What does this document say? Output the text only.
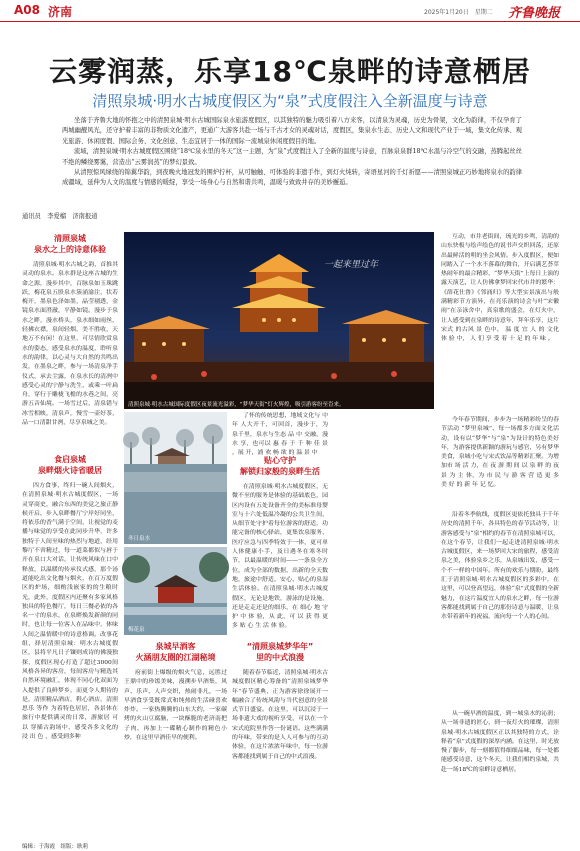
A08 济南	2025年1月20日　星期二 齐鲁晚报
云雾润蒸，乐享18℃泉畔的诗意栖居
清照泉城·明水古城度假区为“泉”式度假注入全新温度与诗意

坐落于齐鲁大地的怀抱之中的清照泉城·明水古城国际泉水旅游度假区，以其独特的魅力吸引着八方来客，以清泉为灵魂，历史为骨架，文化为韵律，不仅孕育了两城幽靓风光，还守护着丰富的非物质文化遗产，更通广大游客共赴一场与千古才女的灵魂对话，度假区，集泉水生态、历史人文和现代产业于一域，集文化传承、观光旅游、休闲度假、国际会务、文化创意、生态宜居于一体的国际一流城泉休闲度假目的地。

流域，清照泉城·明水古城度假区围绕“18℃泉水里的冬天”这一主题，为“泉”式度假注入了全新的温度与诗意，百脉泉泉群18℃水温与冷空气的交融，蒸腾起丝丝不绝的鳞绕雾霭，营造出“云雾润蒸”的梦幻景致。

从清照惊风绿绕的锦翼华韵，到夜晚火地冠发的围炉拧杯，从可触触、可体验的非遗手作，到灯火炖转，寄语星河的千灯祈愿——清照泉城正巧妙地将泉水的韵律成疆域，延伸为人文的温度与情感的暖绽，享受一场身心与自然和谐共鸣，温暖与致致井存的美妙邂逅。

通讯员　李爱榴　济南报道
清照泉城
泉水之上的诗意体验

清照泉城·明水古城之韵，首推其灵动的泉水。泉水群是这座古城的生命之源，漫步其中，百脉泉如玉珠跳跃，梅花泉五股泉水簇涌渝注，状若梅开，墨泉色泽如墨，晶莹剔透，金镜泉水面澄澈，平静如镜。漫步于泉水之畔，漫水桥头，泉水细如雨丝，轻拂衣襟，泉间轻烟，美不胜收，天地万不有闲！在这里，可尽情欣赏泉水的姿态，感受泉水的温度，聆听泉水的韵律，以心灵与大自然的共鸣出发，在墨泉之畔，参与一场清泉净手仪式，承去尘露，在泉水长的清冽中感受心灵的宁静与洗生，或乘一叶扁舟，穿行于雕栊飞檐的水巷之间，亮游五音仙境。一场雪过后，清泉错与冰雪相映，清泉声，慢雪一壶好茶，品一口清甜甘冽，尽享泉城之美。

食启泉城
泉畔烟火诗省暖居

四方食事，终归一碗人间烟火，在清照泉城·明水古城度假区，一场灵穿商史，融合东西的美觉之旅正静候开启，步入泉畔餐厅宁岸好同坐，将依乐的香气满于空间，让视觉的麦播与味觉的享受在此同步升华，许多独特于人间至味的热烈与地道，经用黎厅不啻精过，每一道菜都似与唇于开在泉口大对话，让传统风味在口中释放，以温暖的传承仪式感，那个汤道能吃出文化餐与烟火，在百万度假区的炉场，细酌浅嵌家的的生粮时光，此外，度假区内还聚有多家风格独具的特色餐厅，每日三餐必依的各名一寸的泉水，在泉畔焕发新颜的同时，也让每一位客人在品味中，体味人间之温情暖中的诗意格调。改事花组，择居清照泉城：明水古城度假区，县将平凡日子镶则成诗的佛漫独探，度假区现心打造了超过3000间风格各异的客房，每间客房与精选其自然环境融汇，体现不同心化双面为入提供了良鲜梦乡，而更令人期待的是，清照精品酒店，鞋心酒店，清照思乐 等作 为着特色居居，各景体在 旅行中提供满灵的日常，游旅居 可 以 穿插古韵场中，感受各多文化的 浸 出 色 ，感受到多种

一起来里过年
清照泉城·明水古城国际度假区夜景流光溢彩，“梦华天街”灯火辉煌，吸引游客纷至沓来。
冬日泉水
梅花泉

了怀的传统思想，地域文化与 中年 人大开千，可回首，漫步于，为泉千里，泉水与生态 品 中 交融，漫 水 享，也可以 惠 春 于 千 种 佳 景 ，展 开，浦 欢 畅 欲 的 温 景 中

贴心守护
解锁归家般的泉畔生活

在清照泉城·明水古城度假区，无微不至的服务是体验的基础底色，园区内设有五处设备齐全的美标准母婴室与十六处低温冷凝的公共卫生间，从细节处守护着每位游客的舒适，功能完备的核心驿站，更集饮泉服务、医疗应急与四季特效于一体，更可单人体健康小手，及日遇冬在寒冬时节，以最温暖的时间——一条泉全方位，成为全部的数据，出新的全天数地，旅途中舒适，安心、贴心的泉湿生活体验。在清照泉城·明水古城度假区，无论是地铁，游泳的是设施，还是走走还是的细乐，在 细心 地 守 护 中 体 验，从 此，可 以 获 得 更 多 贴 心 生 活 体 验。

泉城早酒客
火涵朋友圈的江湖秘境

府前街上爆级的烟火气息，远胜过王鼎中的珍馐美味，漫溯步早酒集，风声、乐声、人声交织，热闹非凡，一场早酒食享受既常式和纯热的生活碰喜欢炸炸。一家热腾腾的山东大约，一家碳烤的火山豆腐脑，一块酥脆的老济南把子肉，再加上一碟精心制作的精色小炒，在这里早酒佳早的便利。

“清照泉城梦华年”
里的中式浪漫

随着春节临近，清照泉城·明水古城度假区精心筹备的“清照泉城梦华年”春节盛典，正为游客徐徐展开一幅融合了传统风韵与当代创意的全景式节日盛宴。在这里，可以沉浸于一场非遗大戏的视听享受，可以在一个宋式庭院里作答一份谜语。这些满满的年味，带来的是人人可参与的互动体验，在这片浓浓年味中，每一位游客都能找到属于自己的中式浪漫。

互动，市井老街间，琉光的乡鸣，清韵的山东快板与绘声绘色的说书声交织回荡，还原出最鲜活的明的坐会风情。步入度假区，便如同踏入了一个水不落幕的舞台，开启满艺荟萃热闹年的最合精彩，“梦华天街”上每日上演的露天演艺，让人仿佛拿梦回宋代市井的繁华：《薛花仕鲁》《邻涌归》等大型实景演出与般满精彩节方演异，在亮乐演的诗会与叶“宋徽雨”在亲泳舍中，真泉歌的盛会，在灯火中，让人感受到在泉畔的诗意年，拜年乐享，这片宋式 的古风 景 色中， 温 度 宜 人 的 文化 体 验 中， 人 们 享 受 着 十 足 的 年 味 。

今年春节期间，步步为一场精彩纷呈的春节活动 “梦里泉城”、每一场都多方面文化活动，设有以“梦华”与“泉”为设计的特色美好年，为游客提供新颖的游玩与感官，另有梦华美食，泉城小吃与宋式饮品等精彩汇聚。为增加市 场 活 力，在 夜 游 期 间 以 泉 畔 的 夜 景 为 主 体，为 市 民 与 游 客 营 造 更 多 美 好 的 新 年 记 忆。

沿着冬季航线，度假区更依托独具于千年历史的清照千年，各具特色的春节活动等，让游客感受与“泉”相约的春节在清照泉城可以，在这个春节，让我们一起走进清照泉城·明水古城度假区，来一场梦回大宋的旅程，感受清泉之美，体验泉乡之乐，从泉城出发，感受一个不一样的中国年。所有的欢乐与期盼，最终汇于清照泉城·明水古城度假区的多彩中，在这里，可以登高望远，体验“泉”式度假的全新魅力，在这片温度宜人的泉水之畔，每一位游客都能找到属于自己的那份诗意与温暖，让泉水带着新年的祝福，流向每一个人的心间。

从一碗早酒的温度，到一城泉水的沁润；从一场非遗的匠心，到一夜灯火的璀璨，清照泉城·明水古城度假区正以其独特的方式，诠释着“泉”式度假的深厚内涵。在这里，时光放慢了脚步，每一刻都值得细细品味，每一处都能感受诗意，这个冬天，让我们相约泉城，共赴一场18℃的泉畔诗意栖居。

编辑：于海霞　组版：耿莉
